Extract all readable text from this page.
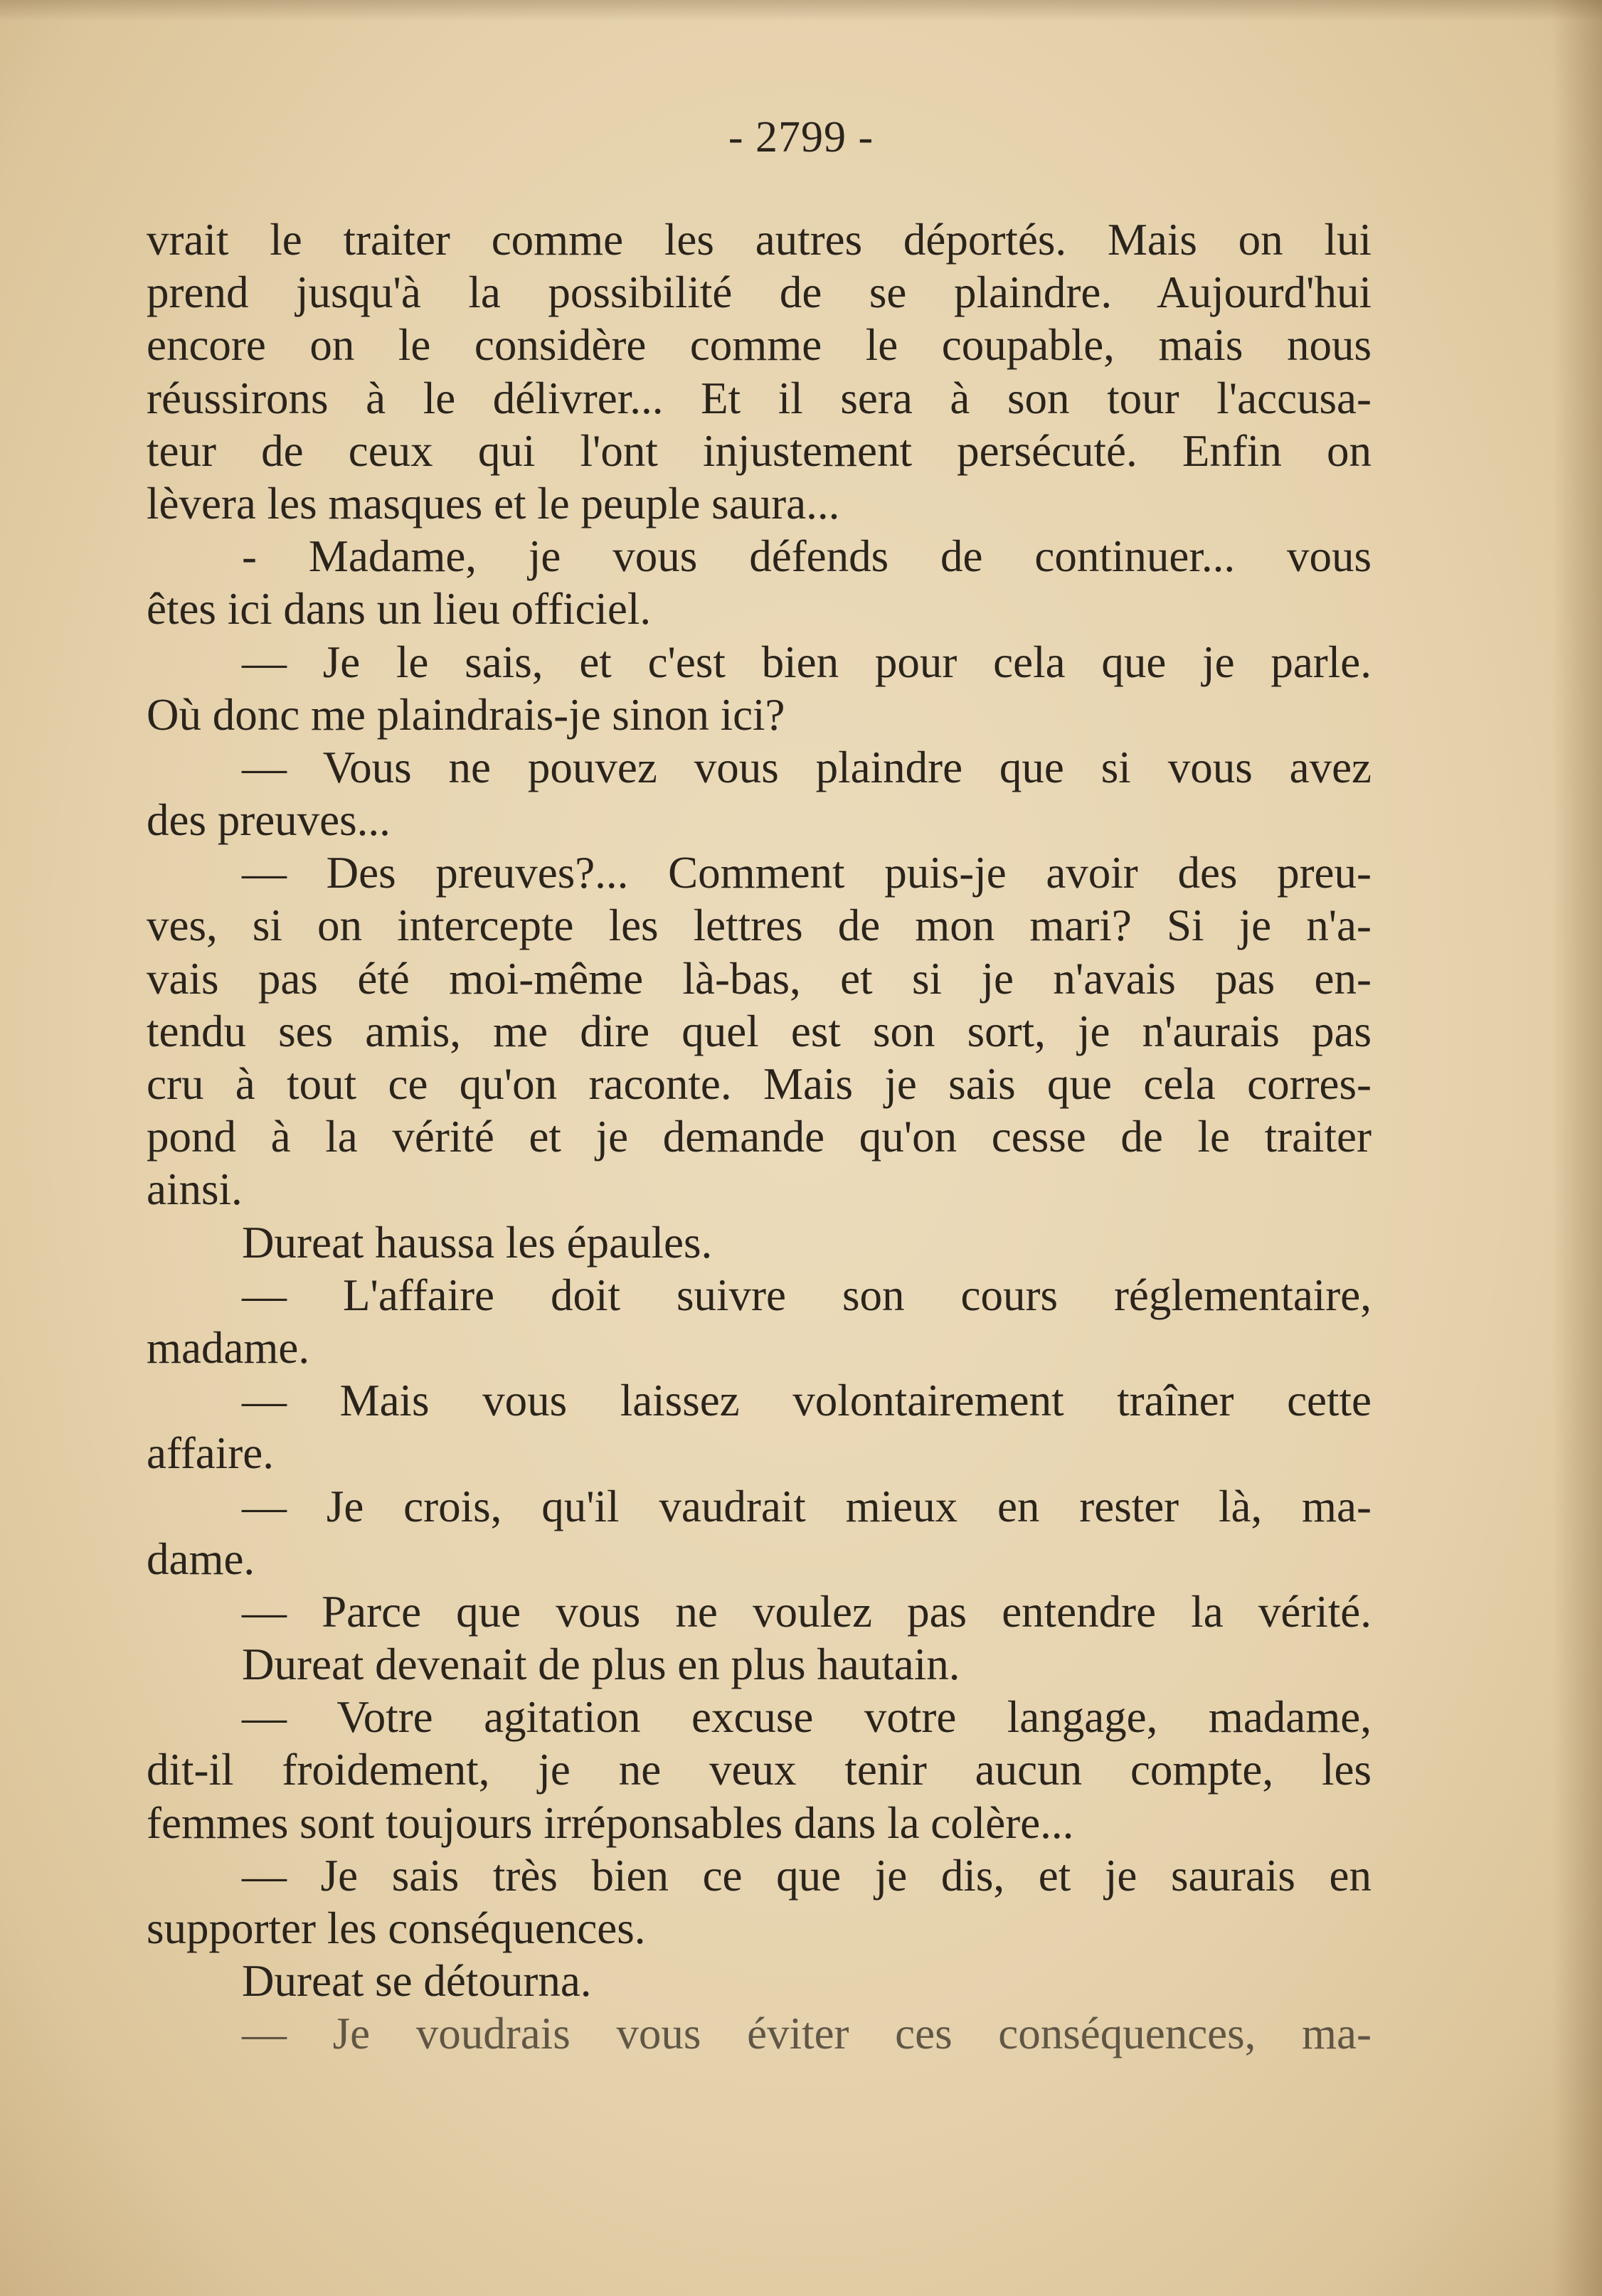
- 2799 -
vrait le traiter comme les autres déportés. Mais on lui
prend jusqu'à la possibilité de se plaindre. Aujourd'hui
encore on le considère comme le coupable, mais nous
réussirons à le délivrer... Et il sera à son tour l'accusa-
teur de ceux qui l'ont injustement persécuté. Enfin on
lèvera les masques et le peuple saura...
- Madame, je vous défends de continuer... vous
êtes ici dans un lieu officiel.
— Je le sais, et c'est bien pour cela que je parle.
Où donc me plaindrais-je sinon ici?
— Vous ne pouvez vous plaindre que si vous avez
des preuves...
— Des preuves?... Comment puis-je avoir des preu-
ves, si on intercepte les lettres de mon mari? Si je n'a-
vais pas été moi-même là-bas, et si je n'avais pas en-
tendu ses amis, me dire quel est son sort, je n'aurais pas
cru à tout ce qu'on raconte. Mais je sais que cela corres-
pond à la vérité et je demande qu'on cesse de le traiter
ainsi.
Dureat haussa les épaules.
— L'affaire doit suivre son cours réglementaire,
madame.
— Mais vous laissez volontairement traîner cette
affaire.
— Je crois, qu'il vaudrait mieux en rester là, ma-
dame.
— Parce que vous ne voulez pas entendre la vérité.
Dureat devenait de plus en plus hautain.
— Votre agitation excuse votre langage, madame,
dit-il froidement, je ne veux tenir aucun compte, les
femmes sont toujours irréponsables dans la colère...
— Je sais très bien ce que je dis, et je saurais en
supporter les conséquences.
Dureat se détourna.
— Je voudrais vous éviter ces conséquences, ma-
